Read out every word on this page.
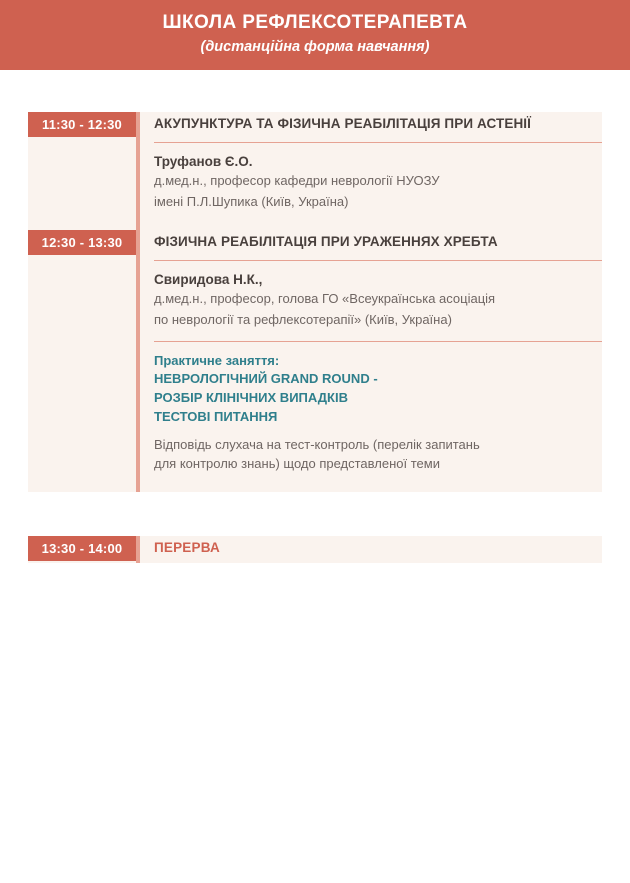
ШКОЛА РЕФЛЕКСОТЕРАПЕВТА
(дистанційна форма навчання)
11:30 - 12:30	АКУПУНКТУРА ТА ФІЗИЧНА РЕАБІЛІТАЦІЯ ПРИ АСТЕНІЇ
Труфанов Є.О.
д.мед.н., професор кафедри неврології НУОЗУ
імені П.Л.Шупика (Київ, Україна)
12:30 - 13:30	ФІЗИЧНА РЕАБІЛІТАЦІЯ ПРИ УРАЖЕННЯХ ХРЕБТА
Свиридова Н.К.,
д.мед.н., професор, голова ГО «Всеукраїнська асоціація
по неврології та рефлексотерапії» (Київ, Україна)
Практичне заняття:
НЕВРОЛОГІЧНИЙ GRAND ROUND -
РОЗБІР КЛІНІЧНИХ ВИПАДКІВ
ТЕСТОВІ ПИТАННЯ
Відповідь слухача на тест-контроль (перелік запитань
для контролю знань) щодо представленої теми
13:30 - 14:00	ПЕРЕРВА
